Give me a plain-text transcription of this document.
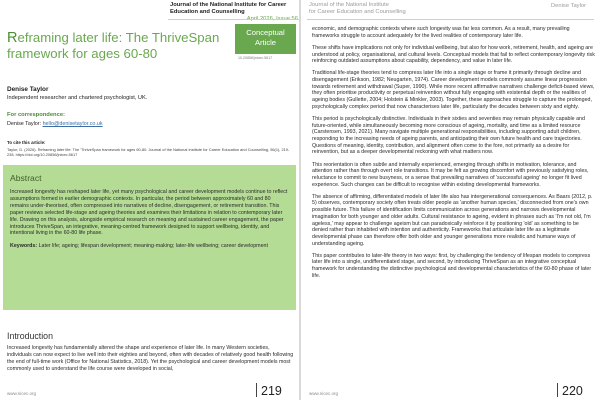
Journal of the National Institute for Career Education and Counselling
Reframing later life: The ThriveSpan framework for ages 60-80
Conceptual
Article
10.20856/jnicec.5617
Denise Taylor
Independent researcher and chartered psychologist, UK.
For correspondence:
Denise Taylor: hello@denisetaylor.co.uk
To cite this article:
Taylor, D. (2026). Reframing later life: The 'ThriveSpan framework for ages 60-80. Journal of the National Institute for Career Education and Counselling, 56(1), 219-238. https://doi.org/10.20856/jnicec.5617
Abstract

Increased longevity has reshaped later life, yet many psychological and career development models continue to reflect assumptions formed in earlier demographic contexts. In particular, the period between approximately 60 and 80 remains under-theorised, often compressed into narratives of decline, disengagement, or retirement transition. This paper reviews selected life-stage and ageing theories and examines their limitations in relation to contemporary later life. Drawing on this analysis, alongside empirical research on meaning and sustained career engagement, the paper introduces ThriveSpan, an integrative, meaning-centred framework designed to support wellbeing, identity, and intentional living in the 60-80 life phase.

Keywords: Later life; ageing; lifespan development; meaning-making; later-life wellbeing; career development

Introduction

Increased longevity has fundamentally altered the shape and experience of later life. In many Western societies, individuals can now expect to live well into their eighties and beyond, often with decades of relatively good health following the end of full-time work (Office for National Statistics, 2018). Yet the psychological and career development models most commonly used to understand the life course were developed in social,

www.nicec.org	219
Journal of the National Institute
for Career Education and Counselling
Denise Taylor

economic, and demographic contexts where such longevity was far less common. As a result, many prevailing frameworks struggle to account adequately for the lived realities of contemporary later life.

These shifts have implications not only for individual wellbeing, but also for how work, retirement, health, and ageing are understood at policy, organisational, and cultural levels. Conceptual models that fail to reflect contemporary longevity risk reinforcing outdated assumptions about capability, dependency, and value in later life.

Traditional life-stage theories tend to compress later life into a single stage or frame it primarily through decline and disengagement (Erikson, 1982; Neugarten, 1974). Career development models commonly assume linear progression towards retirement and withdrawal (Super, 1990). While more recent affirmative narratives challenge deficit-based views, they often prioritise productivity or perpetual reinvention without fully engaging with existential depth or the realities of ageing bodies (Gullette, 2004; Holstein & Minkler, 2003). Together, these approaches struggle to capture the prolonged, psychologically complex period that now characterises later life, particularly the decades between sixty and eighty.

This period is psychologically distinctive. Individuals in their sixties and seventies may remain physically capable and future-oriented, while simultaneously becoming more conscious of ageing, mortality, and time as a limited resource (Carstensen, 1993, 2021). Many navigate multiple generational responsibilities, including supporting adult children, responding to the increasing needs of ageing parents, and anticipating their own future health and care trajectories. Questions of meaning, identity, contribution, and alignment often come to the fore, not primarily as a desire for reinvention, but as a deeper developmental reckoning with what matters now.

This reorientation is often subtle and internally experienced, emerging through shifts in motivation, tolerance, and attention rather than through overt role transitions. It may be felt as growing discomfort with previously satisfying roles, reluctance to commit to new busyness, or a sense that prevailing narratives of 'successful ageing' no longer fit lived experience. Such changes can be difficult to recognise within existing developmental frameworks.

The absence of affirming, differentiated models of later life also has intergenerational consequences. As Baars (2012, p. 5) observes, contemporary society often treats older people as 'another human species,' disconnected from one's own possible future. This failure of identification limits communication across generations and narrows developmental imagination for both younger and older adults. Cultural resistance to ageing, evident in phrases such as 'I'm not old, I'm ageless,' may appear to challenge ageism but can paradoxically reinforce it by positioning 'old' as something to be denied rather than inhabited with intention and authenticity. Frameworks that articulate later life as a legitimate developmental phase can therefore offer both older and younger generations more realistic and humane ways of understanding ageing.

This paper contributes to later-life theory in two ways: first, by challenging the tendency of lifespan models to compress later life into a single, undifferentiated stage, and second, by introducing ThriveSpan as an integrative conceptual framework for understanding the distinctive psychological and developmental characteristics of the 60-80 phase of later life.

www.nicec.org	220
